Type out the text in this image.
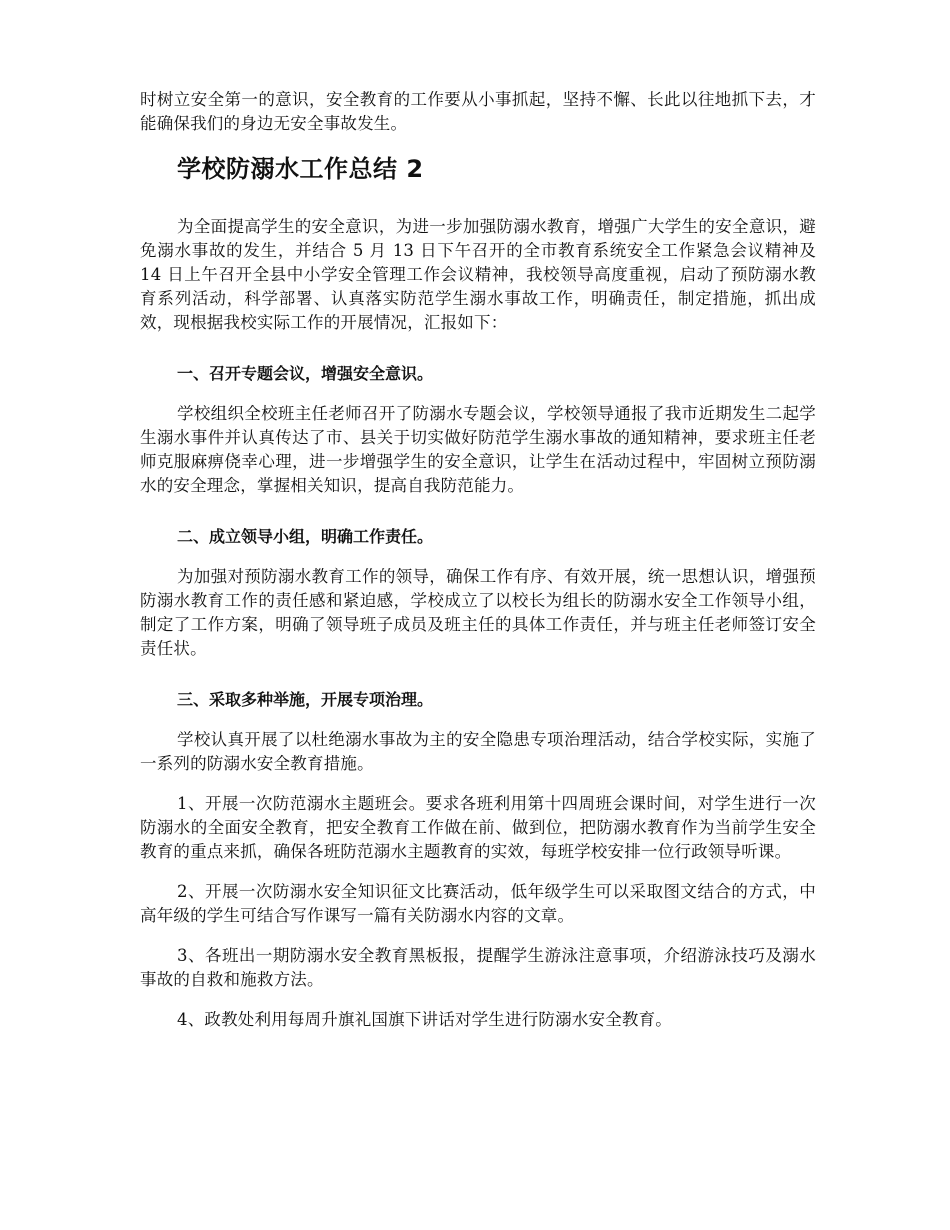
时树立安全第一的意识，安全教育的工作要从小事抓起，坚持不懈、长此以往地抓下去，才能确保我们的身边无安全事故发生。

学校防溺水工作总结 2

为全面提高学生的安全意识，为进一步加强防溺水教育，增强广大学生的安全意识，避免溺水事故的发生，并结合 5 月 13 日下午召开的全市教育系统安全工作紧急会议精神及 14 日上午召开全县中小学安全管理工作会议精神，我校领导高度重视，启动了预防溺水教育系列活动，科学部署、认真落实防范学生溺水事故工作，明确责任，制定措施，抓出成效，现根据我校实际工作的开展情况，汇报如下：

一、召开专题会议，增强安全意识。

学校组织全校班主任老师召开了防溺水专题会议，学校领导通报了我市近期发生二起学生溺水事件并认真传达了市、县关于切实做好防范学生溺水事故的通知精神，要求班主任老师克服麻痹侥幸心理，进一步增强学生的安全意识，让学生在活动过程中，牢固树立预防溺水的安全理念，掌握相关知识，提高自我防范能力。

二、成立领导小组，明确工作责任。

为加强对预防溺水教育工作的领导，确保工作有序、有效开展，统一思想认识，增强预防溺水教育工作的责任感和紧迫感，学校成立了以校长为组长的防溺水安全工作领导小组，制定了工作方案，明确了领导班子成员及班主任的具体工作责任，并与班主任老师签订安全责任状。

三、采取多种举施，开展专项治理。

学校认真开展了以杜绝溺水事故为主的安全隐患专项治理活动，结合学校实际，实施了一系列的防溺水安全教育措施。

1、开展一次防范溺水主题班会。要求各班利用第十四周班会课时间，对学生进行一次防溺水的全面安全教育，把安全教育工作做在前、做到位，把防溺水教育作为当前学生安全教育的重点来抓，确保各班防范溺水主题教育的实效，每班学校安排一位行政领导听课。

2、开展一次防溺水安全知识征文比赛活动，低年级学生可以采取图文结合的方式，中高年级的学生可结合写作课写一篇有关防溺水内容的文章。

3、各班出一期防溺水安全教育黑板报，提醒学生游泳注意事项，介绍游泳技巧及溺水事故的自救和施救方法。

4、政教处利用每周升旗礼国旗下讲话对学生进行防溺水安全教育。
